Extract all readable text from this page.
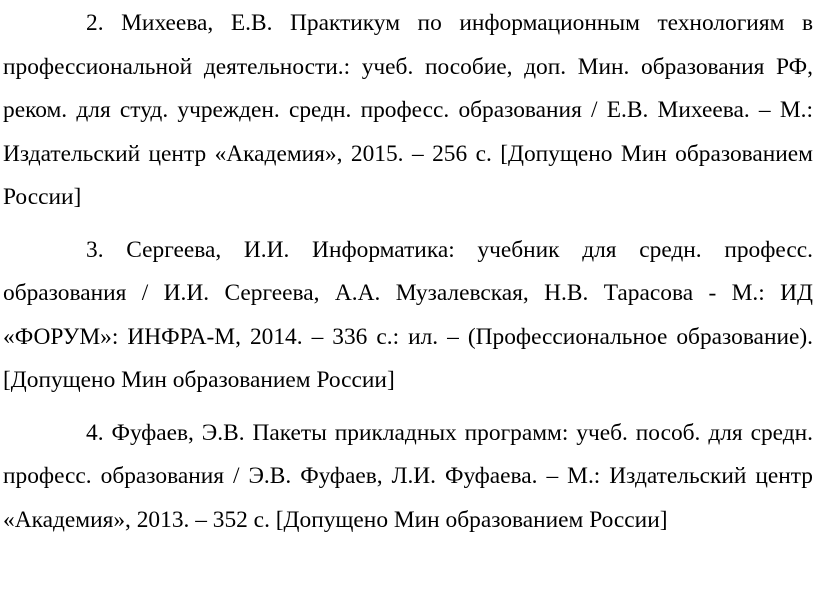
2. Михеева, Е.В. Практикум по информационным технологиям в профессиональной деятельности.: учеб. пособие, доп. Мин. образования РФ, реком. для студ. учрежден. средн. професс. образования / Е.В. Михеева. – М.: Издательский центр «Академия», 2015. – 256 с. [Допущено Мин образованием России]

3. Сергеева, И.И. Информатика: учебник для средн. професс. образования / И.И. Сергеева, А.А. Музалевская, Н.В. Тарасова - М.: ИД «ФОРУМ»: ИНФРА-М, 2014. – 336 с.: ил. – (Профессиональное образование). [Допущено Мин образованием России]

4. Фуфаев, Э.В. Пакеты прикладных программ: учеб. пособ. для средн. професс. образования / Э.В. Фуфаев, Л.И. Фуфаева. – М.: Издательский центр «Академия», 2013. – 352 с. [Допущено Мин образованием России]
